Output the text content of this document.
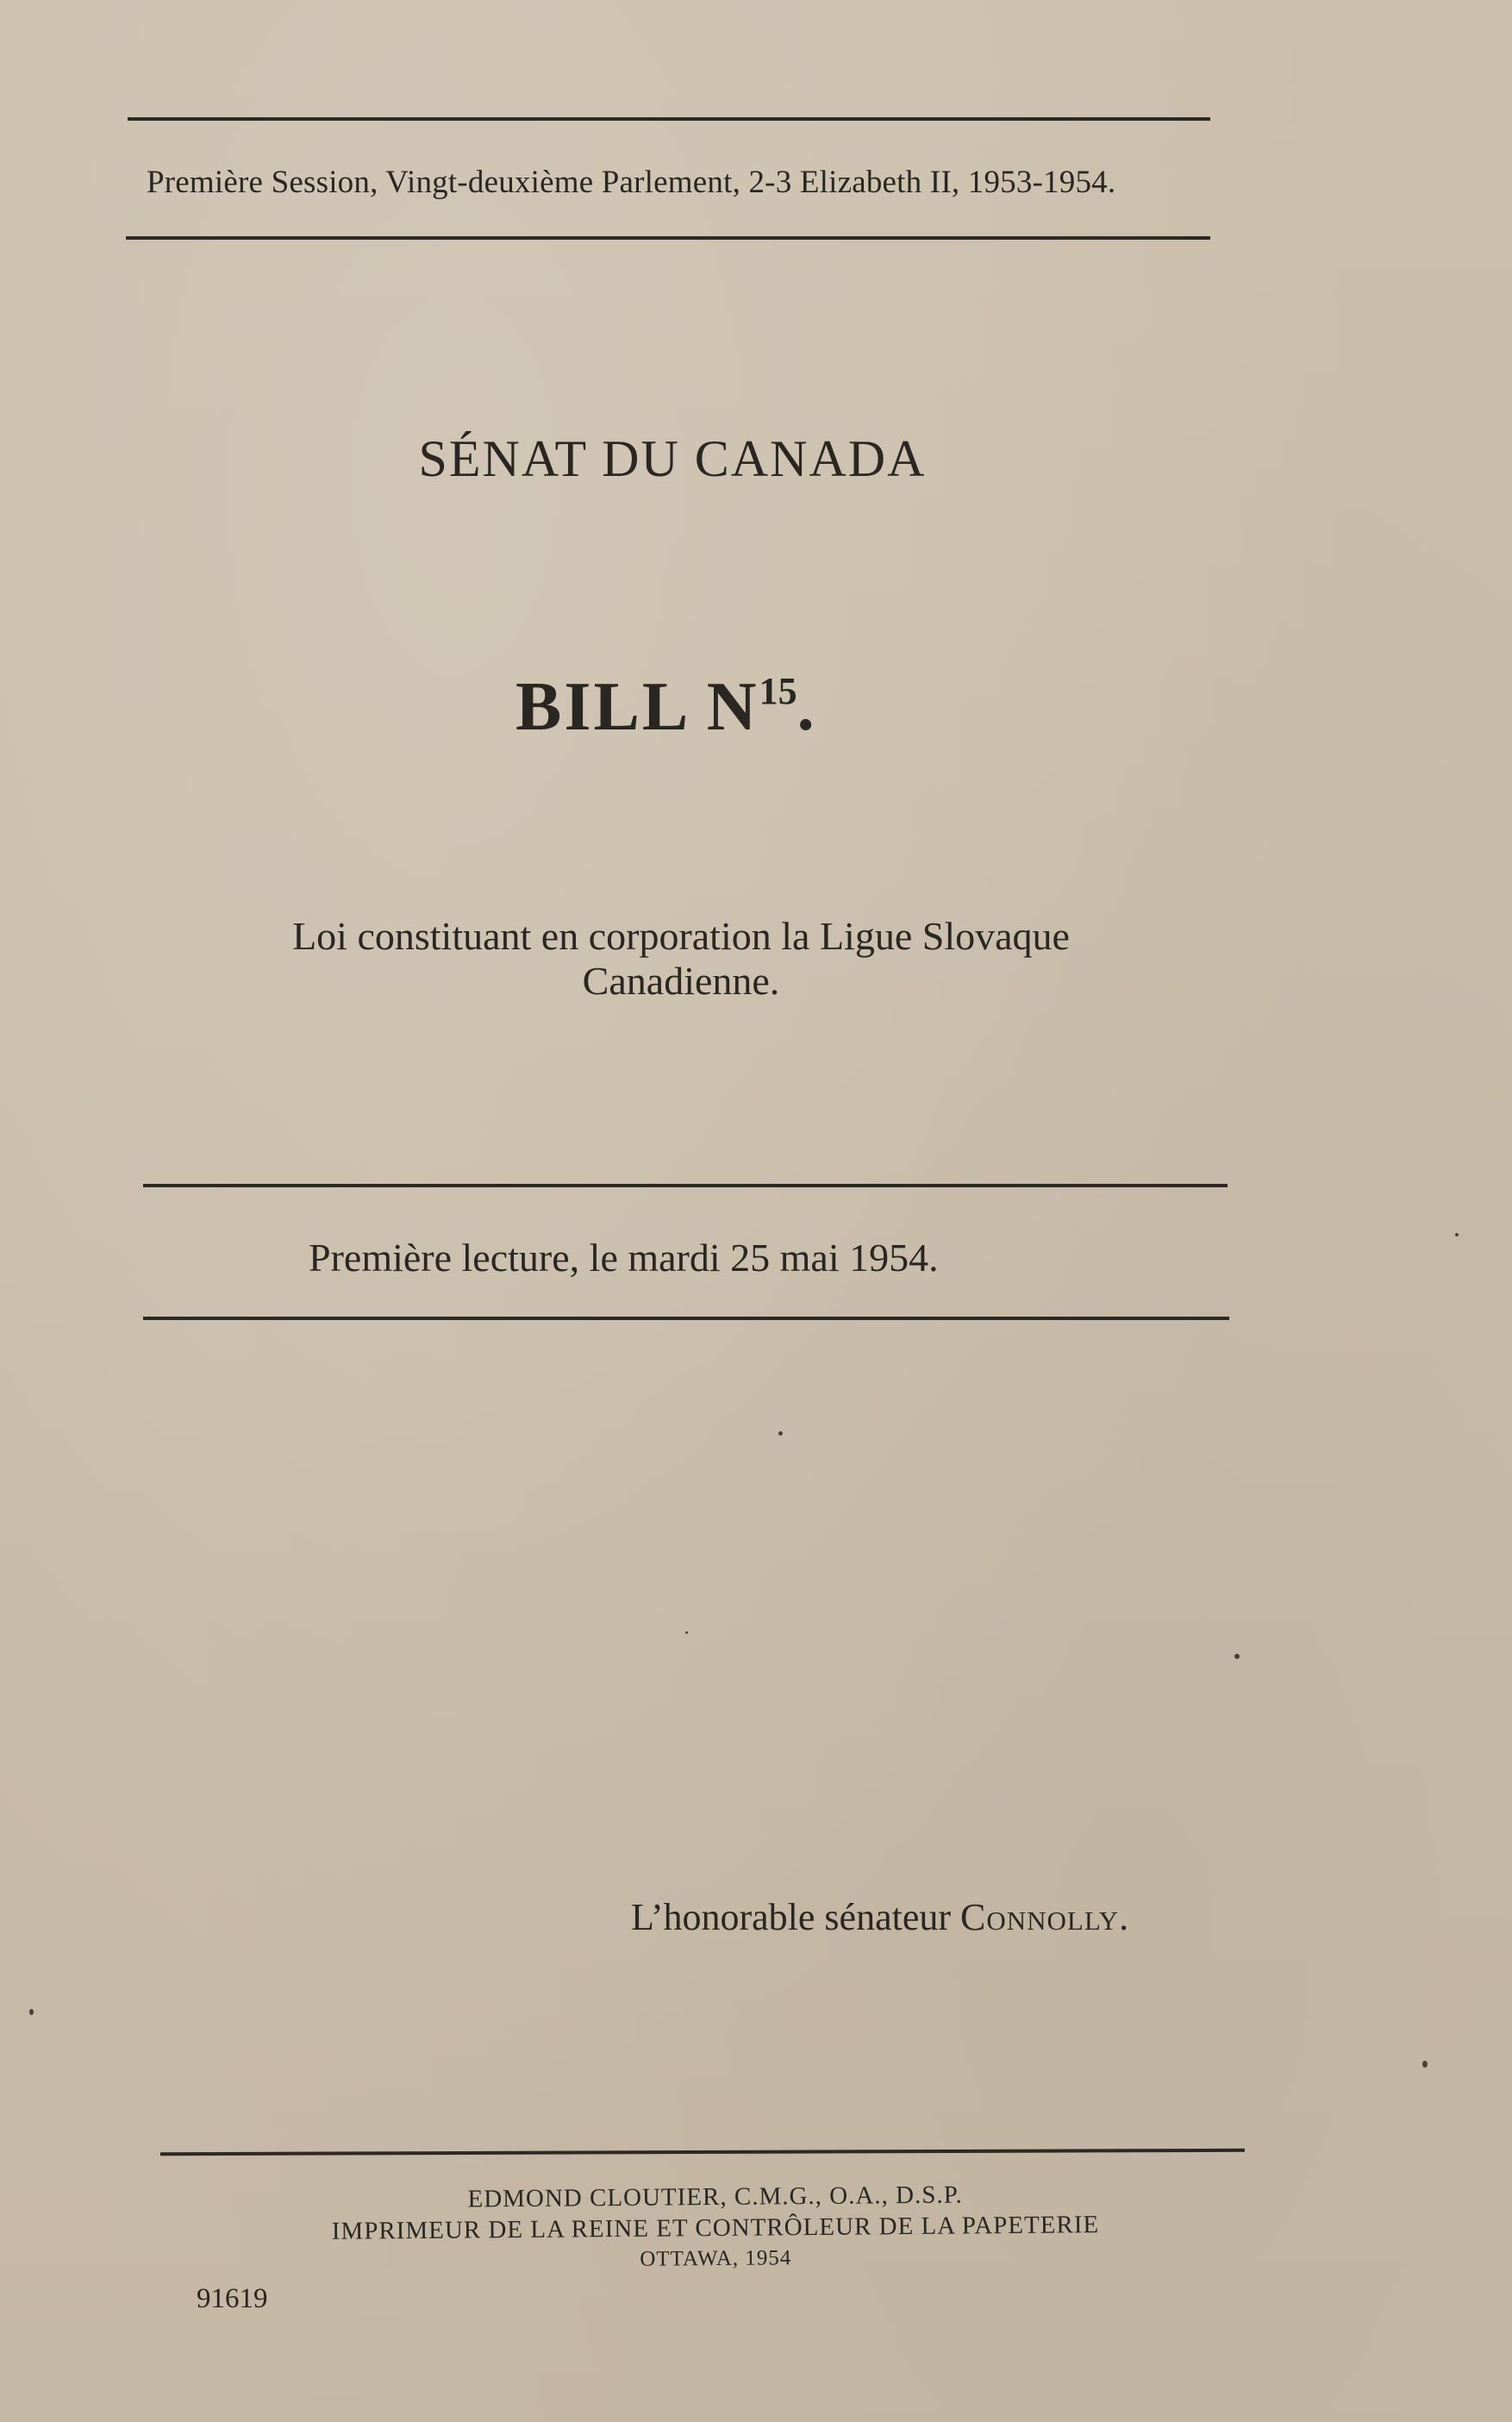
Première Session, Vingt-deuxième Parlement, 2-3 Elizabeth II, 1953-1954.
SÉNAT DU CANADA
BILL $N^{15}$.
Loi constituant en corporation la Ligue Slovaque
Canadienne.
Première lecture, le mardi 25 mai 1954.
L’honorable sénateur Connolly.
EDMOND CLOUTIER, C.M.G., O.A., D.S.P.
IMPRIMEUR DE LA REINE ET CONTRÔLEUR DE LA PAPETERIE
OTTAWA, 1954
91619
